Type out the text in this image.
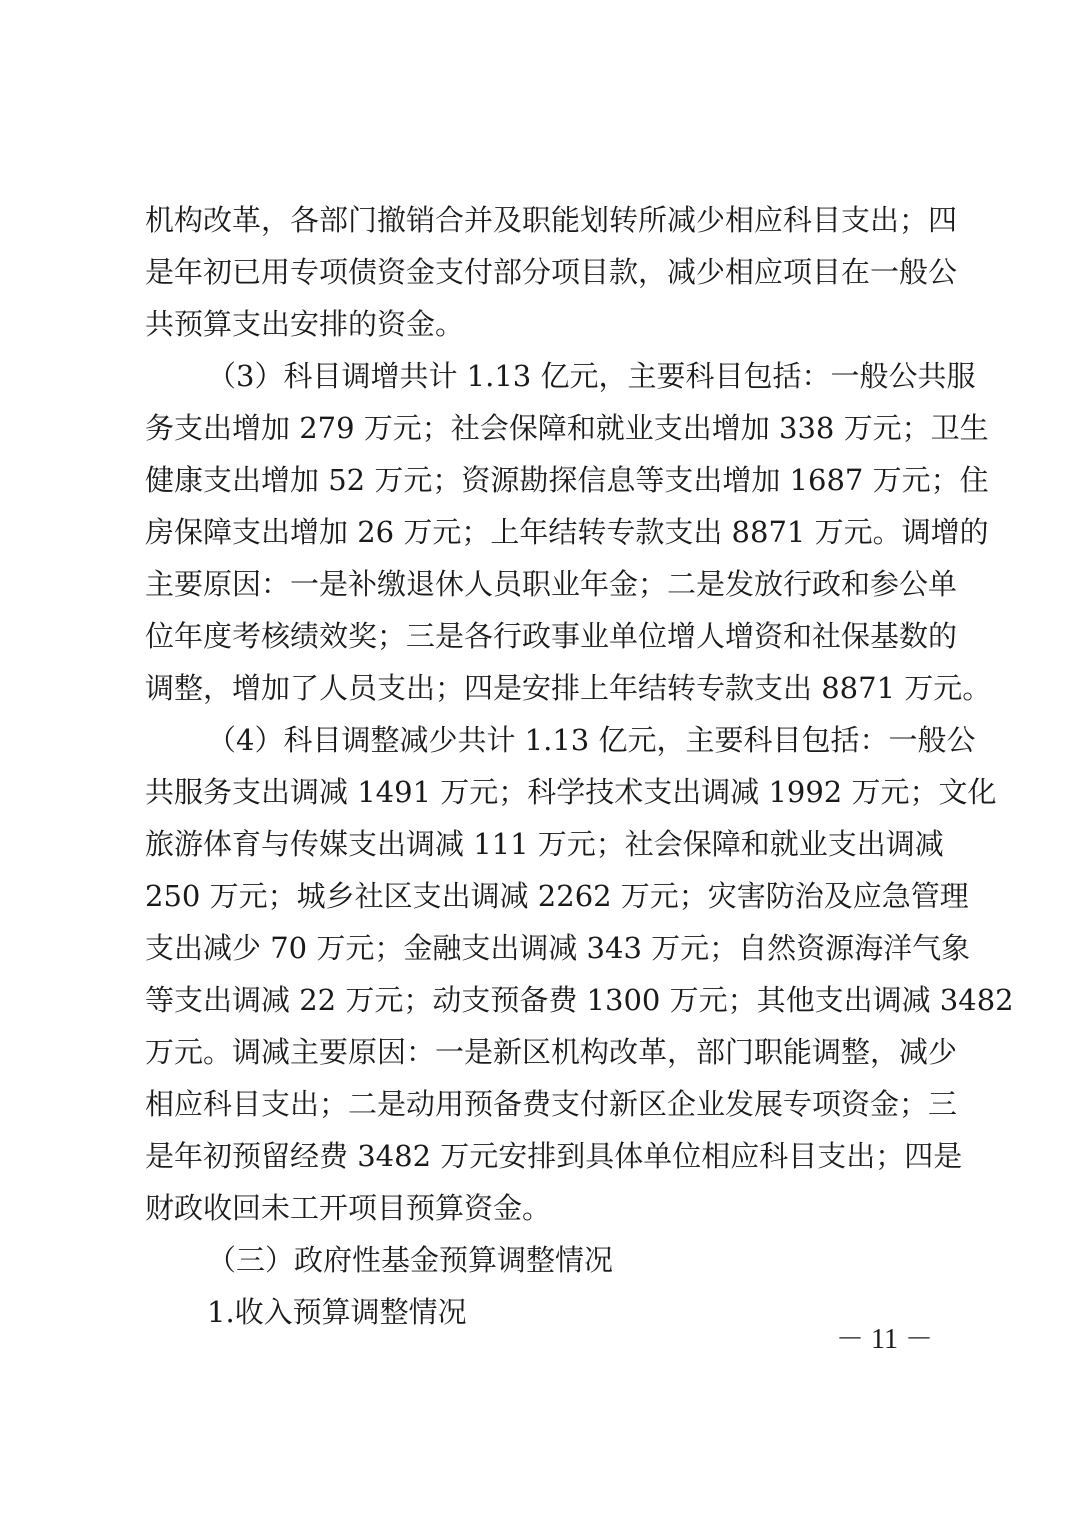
机构改革，各部门撤销合并及职能划转所减少相应科目支出；四
是年初已用专项债资金支付部分项目款，减少相应项目在一般公
共预算支出安排的资金。
（3）科目调增共计 1.13 亿元，主要科目包括：一般公共服
务支出增加 279 万元；社会保障和就业支出增加 338 万元；卫生
健康支出增加 52 万元；资源勘探信息等支出增加 1687 万元；住
房保障支出增加 26 万元；上年结转专款支出 8871 万元。调增的
主要原因：一是补缴退休人员职业年金；二是发放行政和参公单
位年度考核绩效奖；三是各行政事业单位增人增资和社保基数的
调整，增加了人员支出；四是安排上年结转专款支出 8871 万元。
（4）科目调整减少共计 1.13 亿元，主要科目包括：一般公
共服务支出调减 1491 万元；科学技术支出调减 1992 万元；文化
旅游体育与传媒支出调减 111 万元；社会保障和就业支出调减
250 万元；城乡社区支出调减 2262 万元；灾害防治及应急管理
支出减少 70 万元；金融支出调减 343 万元；自然资源海洋气象
等支出调减 22 万元；动支预备费 1300 万元；其他支出调减 3482
万元。调减主要原因：一是新区机构改革，部门职能调整，减少
相应科目支出；二是动用预备费支付新区企业发展专项资金；三
是年初预留经费 3482 万元安排到具体单位相应科目支出；四是
财政收回未工开项目预算资金。
（三）政府性基金预算调整情况
1.收入预算调整情况
－ 11 －
